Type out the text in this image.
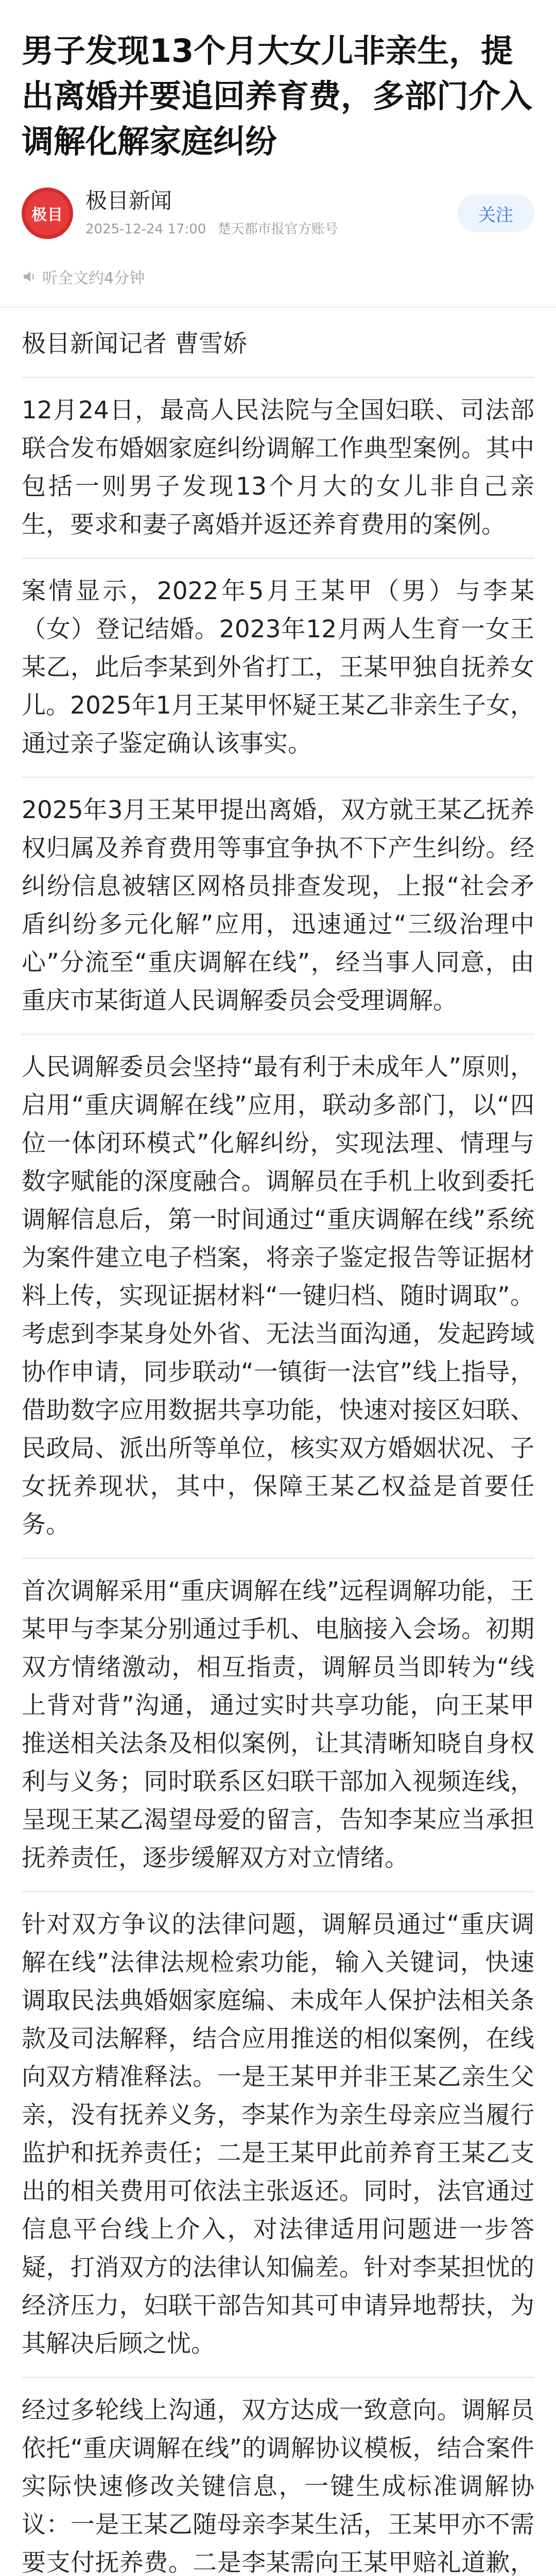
男子发现13个月大女儿非亲生，提出离婚并要追回养育费，多部门介入调解化解家庭纠纷
极目
极目新闻
2025-12-24 17:00 楚天都市报官方账号
关注
听全文约4分钟

极目新闻记者 曹雪娇

12月24日，最高人民法院与全国妇联、司法部联合发布婚姻家庭纠纷调解工作典型案例。其中包括一则男子发现13个月大的女儿非自己亲生，要求和妻子离婚并返还养育费用的案例。

案情显示，2022年5月王某甲（男）与李某（女）登记结婚。2023年12月两人生育一女王某乙，此后李某到外省打工，王某甲独自抚养女儿。2025年1月王某甲怀疑王某乙非亲生子女，通过亲子鉴定确认该事实。

2025年3月王某甲提出离婚，双方就王某乙抚养权归属及养育费用等事宜争执不下产生纠纷。经纠纷信息被辖区网格员排查发现，上报“社会矛盾纠纷多元化解”应用，迅速通过“三级治理中心”分流至“重庆调解在线”，经当事人同意，由重庆市某街道人民调解委员会受理调解。

人民调解委员会坚持“最有利于未成年人”原则，启用“重庆调解在线”应用，联动多部门，以“四位一体闭环模式”化解纠纷，实现法理、情理与数字赋能的深度融合。调解员在手机上收到委托调解信息后，第一时间通过“重庆调解在线”系统为案件建立电子档案，将亲子鉴定报告等证据材料上传，实现证据材料“一键归档、随时调取”。考虑到李某身处外省、无法当面沟通，发起跨域协作申请，同步联动“一镇街一法官”线上指导，借助数字应用数据共享功能，快速对接区妇联、民政局、派出所等单位，核实双方婚姻状况、子女抚养现状，其中，保障王某乙权益是首要任务。

首次调解采用“重庆调解在线”远程调解功能，王某甲与李某分别通过手机、电脑接入会场。初期双方情绪激动，相互指责，调解员当即转为“线上背对背”沟通，通过实时共享功能，向王某甲推送相关法条及相似案例，让其清晰知晓自身权利与义务；同时联系区妇联干部加入视频连线，呈现王某乙渴望母爱的留言，告知李某应当承担抚养责任，逐步缓解双方对立情绪。

针对双方争议的法律问题，调解员通过“重庆调解在线”法律法规检索功能，输入关键词，快速调取民法典婚姻家庭编、未成年人保护法相关条款及司法解释，结合应用推送的相似案例，在线向双方精准释法。一是王某甲并非王某乙亲生父亲，没有抚养义务，李某作为亲生母亲应当履行监护和抚养责任；二是王某甲此前养育王某乙支出的相关费用可依法主张返还。同时，法官通过信息平台线上介入，对法律适用问题进一步答疑，打消双方的法律认知偏差。针对李某担忧的经济压力，妇联干部告知其可申请异地帮扶，为其解决后顾之忧。

经过多轮线上沟通，双方达成一致意向。调解员依托“重庆调解在线”的调解协议模板，结合案件实际快速修改关键信息，一键生成标准调解协议：一是王某乙随母亲李某生活，王某甲亦不需要支付抚养费。二是李某需向王某甲赔礼道歉，
